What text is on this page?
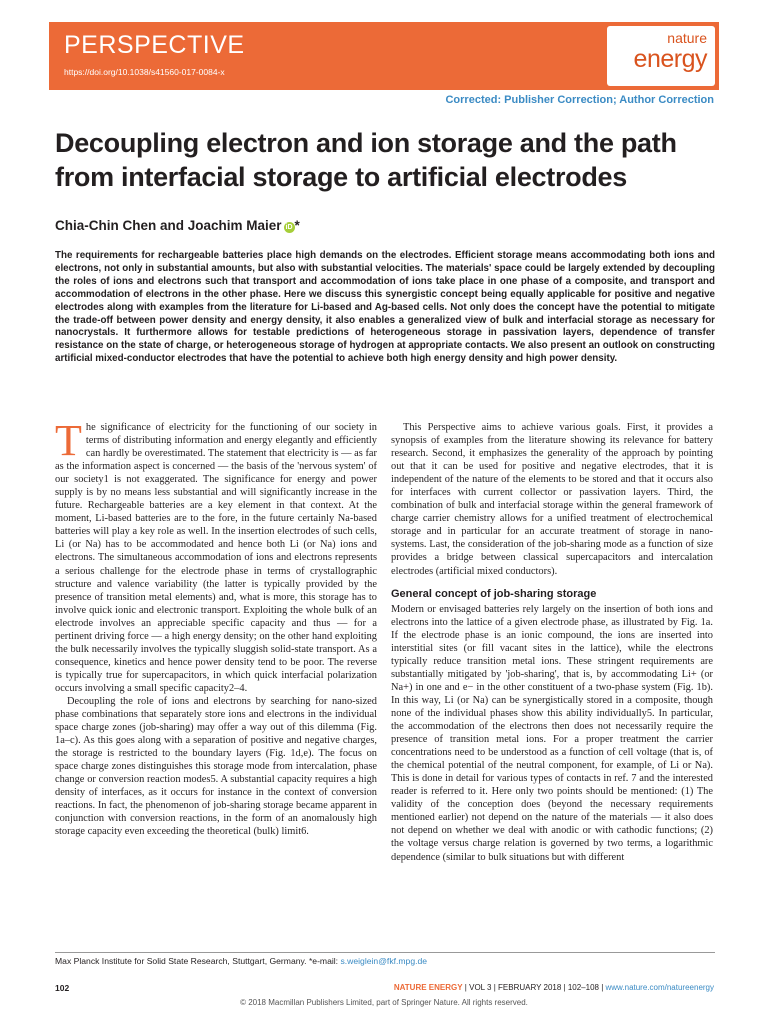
PERSPECTIVE
https://doi.org/10.1038/s41560-017-0084-x
nature
energy
Corrected: Publisher Correction; Author Correction
Decoupling electron and ion storage and the path from interfacial storage to artificial electrodes
Chia-Chin Chen and Joachim Maier iD *
The requirements for rechargeable batteries place high demands on the electrodes. Efficient storage means accommodating both ions and electrons, not only in substantial amounts, but also with substantial velocities. The materials' space could be largely extended by decoupling the roles of ions and electrons such that transport and accommodation of ions take place in one phase of a composite, and transport and accommodation of electrons in the other phase. Here we discuss this synergistic concept being equally applicable for positive and negative electrodes along with examples from the literature for Li-based and Ag-based cells. Not only does the concept have the potential to mitigate the trade-off between power density and energy density, it also enables a generalized view of bulk and interfacial storage as necessary for nanocrystals. It furthermore allows for testable predictions of heterogeneous storage in passivation layers, dependence of transfer resistance on the state of charge, or heterogeneous storage of hydrogen at appropriate contacts. We also present an outlook on constructing artificial mixed-conductor electrodes that have the potential to achieve both high energy density and high power density.

The significance of electricity for the functioning of our society in terms of distributing information and energy elegantly and efficiently can hardly be overestimated. The statement that electricity is — as far as the information aspect is concerned — the basis of the 'nervous system' of our society1 is not exaggerated. The significance for energy and power supply is by no means less substantial and will significantly increase in the future. Rechargeable batteries are a key element in that context. At the moment, Li-based batteries are to the fore, in the future certainly Na-based batteries will play a key role as well. In the insertion electrodes of such cells, Li (or Na) has to be accommodated and hence both Li (or Na) ions and electrons. The simultaneous accommodation of ions and electrons represents a serious challenge for the electrode phase in terms of crystallographic structure and valence variability (the latter is typically provided by the presence of transition metal elements) and, what is more, this storage has to involve quick ionic and electronic transport. Exploiting the whole bulk of an electrode involves an appreciable specific capacity and thus — for a pertinent driving force — a high energy density; on the other hand exploiting the bulk necessarily involves the typically sluggish solid-state transport. As a consequence, kinetics and hence power density tend to be poor. The reverse is typically true for supercapacitors, in which quick interfacial polarization occurs involving a small specific capacity2–4.

Decoupling the role of ions and electrons by searching for nano-sized phase combinations that separately store ions and electrons in the individual space charge zones (job-sharing) may offer a way out of this dilemma (Fig. 1a–c). As this goes along with a separation of positive and negative charges, the storage is restricted to the boundary layers (Fig. 1d,e). The focus on space charge zones distinguishes this storage mode from intercalation, phase change or conversion reaction modes5. A substantial capacity requires a high density of interfaces, as it occurs for instance in the context of conversion reactions. In fact, the phenomenon of job-sharing storage became apparent in conjunction with conversion reactions, in the form of an anomalously high storage capacity even exceeding the theoretical (bulk) limit6.

This Perspective aims to achieve various goals. First, it provides a synopsis of examples from the literature showing its relevance for battery research. Second, it emphasizes the generality of the approach by pointing out that it can be used for positive and negative electrodes, that it is independent of the nature of the elements to be stored and that it occurs also for interfaces with current collector or passivation layers. Third, the combination of bulk and interfacial storage within the general framework of charge carrier chemistry allows for a unified treatment of electrochemical storage and in particular for an accurate treatment of storage in nano-systems. Last, the consideration of the job-sharing mode as a function of size provides a bridge between classical supercapacitors and intercalation electrodes (artificial mixed conductors).

General concept of job-sharing storage

Modern or envisaged batteries rely largely on the insertion of both ions and electrons into the lattice of a given electrode phase, as illustrated by Fig. 1a. If the electrode phase is an ionic compound, the ions are inserted into interstitial sites (or fill vacant sites in the lattice), while the electrons typically reduce transition metal ions. These stringent requirements are substantially mitigated by 'job-sharing', that is, by accommodating Li+ (or Na+) in one and e− in the other constituent of a two-phase system (Fig. 1b). In this way, Li (or Na) can be synergistically stored in a composite, though none of the individual phases show this ability individually5. In particular, the accommodation of the electrons then does not necessarily require the presence of transition metal ions. For a proper treatment the carrier concentrations need to be understood as a function of cell voltage (that is, of the chemical potential of the neutral component, for example, of Li or Na). This is done in detail for various types of contacts in ref. 7 and the interested reader is referred to it. Here only two points should be mentioned: (1) The validity of the conception does (beyond the necessary requirements mentioned earlier) not depend on the nature of the materials — it also does not depend on whether we deal with anodic or with cathodic functions; (2) the voltage versus charge relation is governed by two terms, a logarithmic dependence (similar to bulk situations but with different

Max Planck Institute for Solid State Research, Stuttgart, Germany. *e-mail: s.weiglein@fkf.mpg.de
102	NATURE ENERGY | VOL 3 | FEBRUARY 2018 | 102–108 | www.nature.com/natureenergy
© 2018 Macmillan Publishers Limited, part of Springer Nature. All rights reserved.
